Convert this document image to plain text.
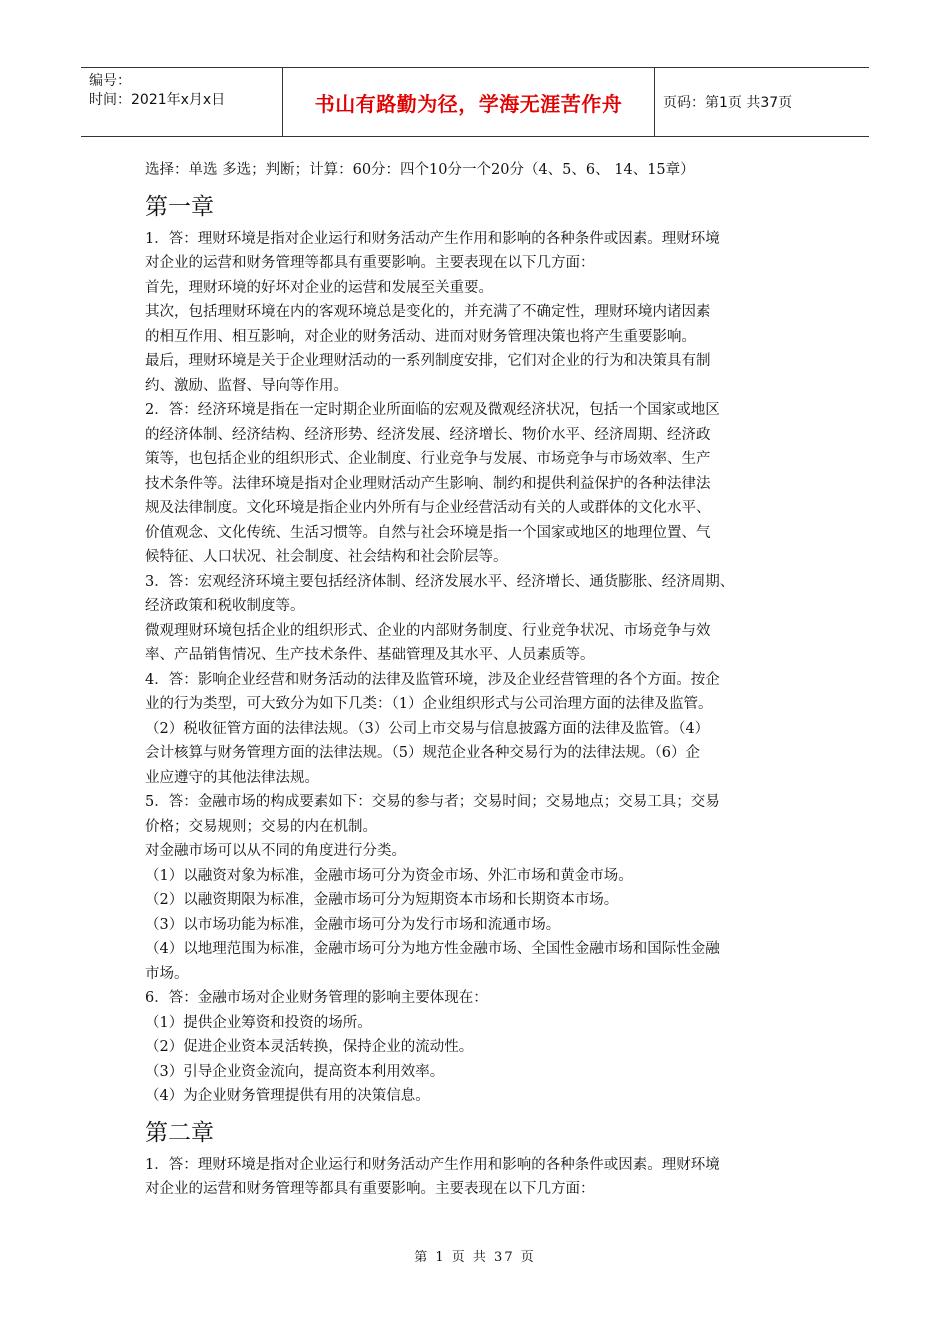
编号：
时间：2021年x月x日	书山有路勤为径，学海无涯苦作舟	页码：第1页 共37页
选择：单选 多选；判断；计算：60分：四个10分一个20分（4、5、6、 14、15章）
第一章
1．答：理财环境是指对企业运行和财务活动产生作用和影响的各种条件或因素。理财环境
对企业的运营和财务管理等都具有重要影响。主要表现在以下几方面：
首先，理财环境的好坏对企业的运营和发展至关重要。
其次，包括理财环境在内的客观环境总是变化的，并充满了不确定性，理财环境内诸因素
的相互作用、相互影响，对企业的财务活动、进而对财务管理决策也将产生重要影响。
最后，理财环境是关于企业理财活动的一系列制度安排，它们对企业的行为和决策具有制
约、激励、监督、导向等作用。
2．答：经济环境是指在一定时期企业所面临的宏观及微观经济状况，包括一个国家或地区
的经济体制、经济结构、经济形势、经济发展、经济增长、物价水平、经济周期、经济政
策等，也包括企业的组织形式、企业制度、行业竞争与发展、市场竞争与市场效率、生产
技术条件等。法律环境是指对企业理财活动产生影响、制约和提供利益保护的各种法律法
规及法律制度。文化环境是指企业内外所有与企业经营活动有关的人或群体的文化水平、
价值观念、文化传统、生活习惯等。自然与社会环境是指一个国家或地区的地理位置、气
候特征、人口状况、社会制度、社会结构和社会阶层等。
3．答：宏观经济环境主要包括经济体制、经济发展水平、经济增长、通货膨胀、经济周期、
经济政策和税收制度等。
微观理财环境包括企业的组织形式、企业的内部财务制度、行业竞争状况、市场竞争与效
率、产品销售情况、生产技术条件、基础管理及其水平、人员素质等。
4．答：影响企业经营和财务活动的法律及监管环境，涉及企业经营管理的各个方面。按企
业的行为类型，可大致分为如下几类：（1）企业组织形式与公司治理方面的法律及监管。
（2）税收征管方面的法律法规。（3）公司上市交易与信息披露方面的法律及监管。（4）
会计核算与财务管理方面的法律法规。（5）规范企业各种交易行为的法律法规。（6）企
业应遵守的其他法律法规。
5．答：金融市场的构成要素如下：交易的参与者；交易时间；交易地点；交易工具；交易
价格；交易规则；交易的内在机制。
对金融市场可以从不同的角度进行分类。
（1）以融资对象为标准，金融市场可分为资金市场、外汇市场和黄金市场。
（2）以融资期限为标准，金融市场可分为短期资本市场和长期资本市场。
（3）以市场功能为标准，金融市场可分为发行市场和流通市场。
（4）以地理范围为标准，金融市场可分为地方性金融市场、全国性金融市场和国际性金融
市场。
6．答：金融市场对企业财务管理的影响主要体现在：
（1）提供企业筹资和投资的场所。
（2）促进企业资本灵活转换，保持企业的流动性。
（3）引导企业资金流向，提高资本利用效率。
（4）为企业财务管理提供有用的决策信息。
第二章
1．答：理财环境是指对企业运行和财务活动产生作用和影响的各种条件或因素。理财环境
对企业的运营和财务管理等都具有重要影响。主要表现在以下几方面：
第 1 页 共 37 页
